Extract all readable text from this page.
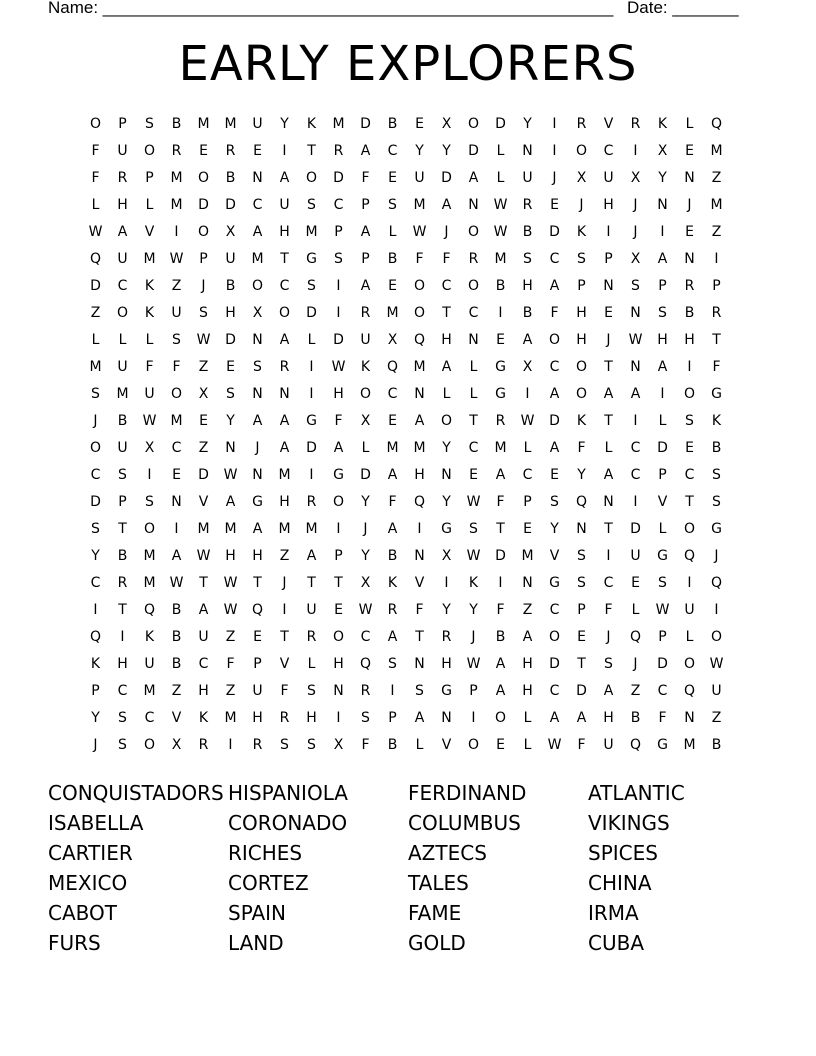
Name: ______________________________________________________ Date: _______
EARLY EXPLORERS
O	P	S	B	M	M	U	Y	K	M	D	B	E	X	O	D	Y	I	R	V	R	K	L	Q
F	U	O	R	E	R	E	I	T	R	A	C	Y	Y	D	L	N	I	O	C	I	X	E	M
F	R	P	M	O	B	N	A	O	D	F	E	U	D	A	L	U	J	X	U	X	Y	N	Z
L	H	L	M	D	D	C	U	S	C	P	S	M	A	N	W	R	E	J	H	J	N	J	M
W	A	V	I	O	X	A	H	M	P	A	L	W	J	O	W	B	D	K	I	J	I	E	Z
Q	U	M	W	P	U	M	T	G	S	P	B	F	F	R	M	S	C	S	P	X	A	N	I
D	C	K	Z	J	B	O	C	S	I	A	E	O	C	O	B	H	A	P	N	S	P	R	P
Z	O	K	U	S	H	X	O	D	I	R	M	O	T	C	I	B	F	H	E	N	S	B	R
L	L	L	S	W	D	N	A	L	D	U	X	Q	H	N	E	A	O	H	J	W	H	H	T
M	U	F	F	Z	E	S	R	I	W	K	Q	M	A	L	G	X	C	O	T	N	A	I	F
S	M	U	O	X	S	N	N	I	H	O	C	N	L	L	G	I	A	O	A	A	I	O	G
J	B	W	M	E	Y	A	A	G	F	X	E	A	O	T	R	W	D	K	T	I	L	S	K
O	U	X	C	Z	N	J	A	D	A	L	M	M	Y	C	M	L	A	F	L	C	D	E	B
C	S	I	E	D	W	N	M	I	G	D	A	H	N	E	A	C	E	Y	A	C	P	C	S
D	P	S	N	V	A	G	H	R	O	Y	F	Q	Y	W	F	P	S	Q	N	I	V	T	S
S	T	O	I	M	M	A	M	M	I	J	A	I	G	S	T	E	Y	N	T	D	L	O	G
Y	B	M	A	W	H	H	Z	A	P	Y	B	N	X	W	D	M	V	S	I	U	G	Q	J
C	R	M	W	T	W	T	J	T	T	X	K	V	I	K	I	N	G	S	C	E	S	I	Q
I	T	Q	B	A	W	Q	I	U	E	W	R	F	Y	Y	F	Z	C	P	F	L	W	U	I
Q	I	K	B	U	Z	E	T	R	O	C	A	T	R	J	B	A	O	E	J	Q	P	L	O
K	H	U	B	C	F	P	V	L	H	Q	S	N	H	W	A	H	D	T	S	J	D	O	W
P	C	M	Z	H	Z	U	F	S	N	R	I	S	G	P	A	H	C	D	A	Z	C	Q	U
Y	S	C	V	K	M	H	R	H	I	S	P	A	N	I	O	L	A	A	H	B	F	N	Z
J	S	O	X	R	I	R	S	S	X	F	B	L	V	O	E	L	W	F	U	Q	G	M	B
CONQUISTADORS HISPANIOLA	FERDINAND	ATLANTIC
ISABELLA	CORONADO	COLUMBUS	VIKINGS
CARTIER	RICHES	AZTECS	SPICES
MEXICO	CORTEZ	TALES	CHINA
CABOT	SPAIN	FAME	IRMA
FURS	LAND	GOLD	CUBA
